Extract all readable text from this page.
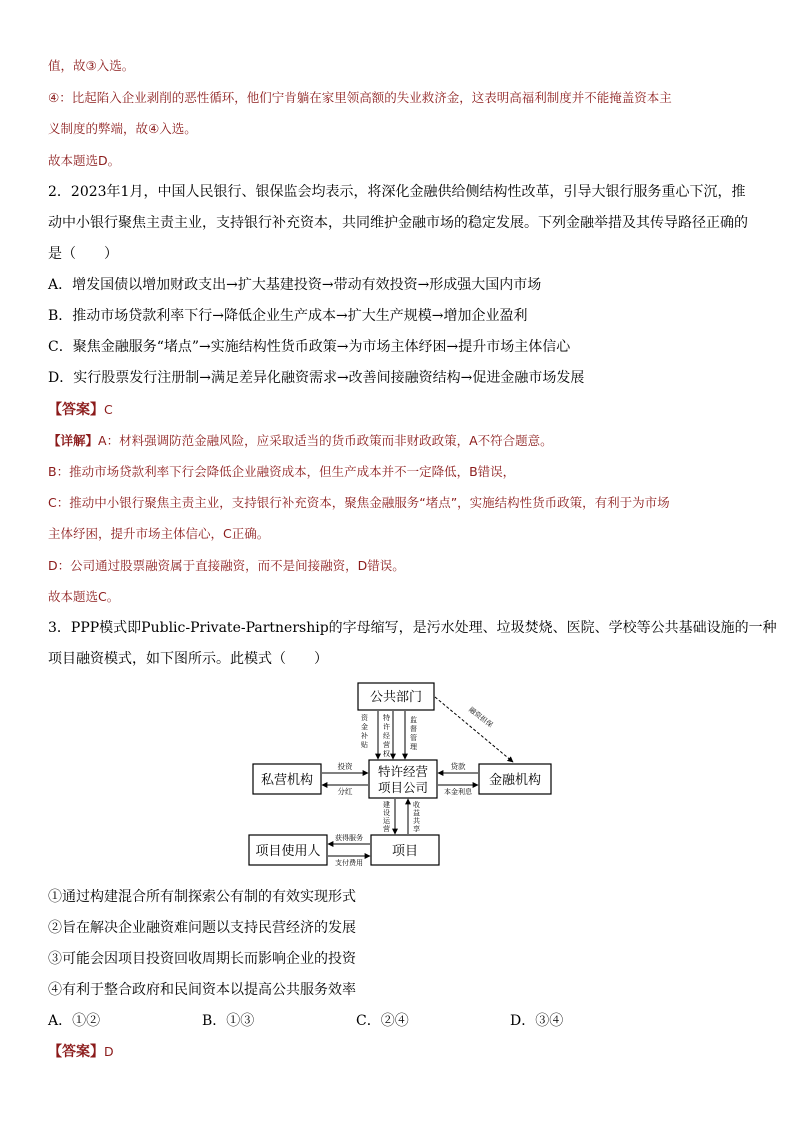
值，故③入选。
④：比起陷入企业剥削的恶性循环，他们宁肯躺在家里领高额的失业救济金，这表明高福利制度并不能掩盖资本主
义制度的弊端，故④入选。
故本题选D。
2．2023年1月，中国人民银行、银保监会均表示，将深化金融供给侧结构性改革，引导大银行服务重心下沉，推
动中小银行聚焦主责主业，支持银行补充资本，共同维护金融市场的稳定发展。下列金融举措及其传导路径正确的
是（　　）
A．增发国债以增加财政支出→扩大基建投资→带动有效投资→形成强大国内市场
B．推动市场贷款利率下行→降低企业生产成本→扩大生产规模→增加企业盈利
C．聚焦金融服务“堵点”→实施结构性货币政策→为市场主体纾困→提升市场主体信心
D．实行股票发行注册制→满足差异化融资需求→改善间接融资结构→促进金融市场发展
【答案】C
【详解】A：材料强调防范金融风险，应采取适当的货币政策而非财政政策，A不符合题意。
B：推动市场贷款利率下行会降低企业融资成本，但生产成本并不一定降低，B错误，
C：推动中小银行聚焦主责主业，支持银行补充资本，聚焦金融服务“堵点”，实施结构性货币政策，有利于为市场
主体纾困，提升市场主体信心，C正确。
D：公司通过股票融资属于直接融资，而不是间接融资，D错误。
故本题选C。
3．PPP模式即Public-Private-Partnership的字母缩写，是污水处理、垃圾焚烧、医院、学校等公共基础设施的一种
项目融资模式，如下图所示。此模式（　　）
公共部门
私营机构
特许经营
项目公司	金融机构
项目使用人	项目
资
金
补
贴
特
许
经
营
权
监
督
管
理
融资担保
投资
分红
贷款
本金利息
建
设
运
营
收
益
共
享
获得服务
支付费用
①通过构建混合所有制探索公有制的有效实现形式
②旨在解决企业融资难问题以支持民营经济的发展
③可能会因项目投资回收周期长而影响企业的投资
④有利于整合政府和民间资本以提高公共服务效率
A．①②	B．①③	C．②④	D．③④
【答案】D
